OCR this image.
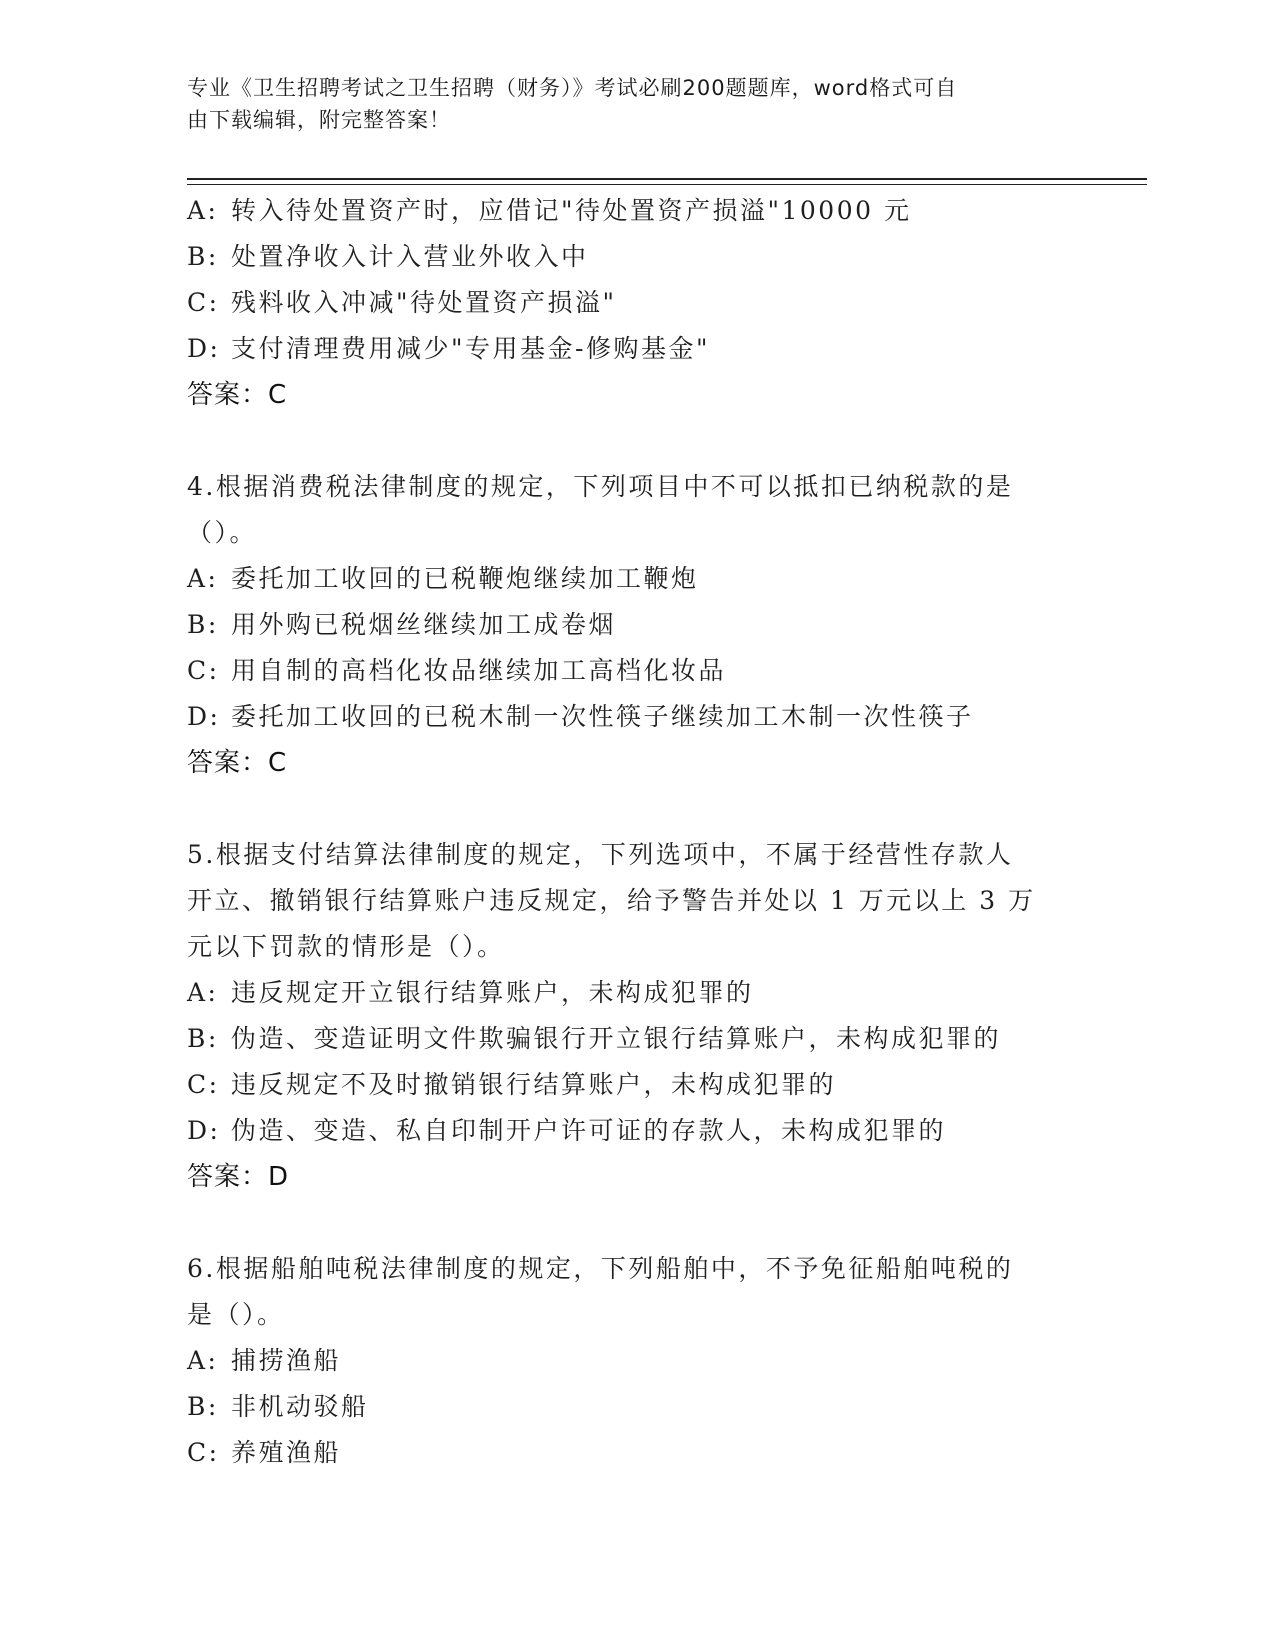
专业《卫生招聘考试之卫生招聘（财务）》考试必刷200题题库，word格式可自
由下载编辑，附完整答案！
A: 转入待处置资产时，应借记"待处置资产损溢"10000 元
B: 处置净收入计入营业外收入中
C: 残料收入冲减"待处置资产损溢"
D: 支付清理费用减少"专用基金-修购基金"
答案：C
4.根据消费税法律制度的规定，下列项目中不可以抵扣已纳税款的是
（）。
A: 委托加工收回的已税鞭炮继续加工鞭炮
B: 用外购已税烟丝继续加工成卷烟
C: 用自制的高档化妆品继续加工高档化妆品
D: 委托加工收回的已税木制一次性筷子继续加工木制一次性筷子
答案：C
5.根据支付结算法律制度的规定，下列选项中，不属于经营性存款人
开立、撤销银行结算账户违反规定，给予警告并处以 1 万元以上 3 万
元以下罚款的情形是（）。
A: 违反规定开立银行结算账户，未构成犯罪的
B: 伪造、变造证明文件欺骗银行开立银行结算账户，未构成犯罪的
C: 违反规定不及时撤销银行结算账户，未构成犯罪的
D: 伪造、变造、私自印制开户许可证的存款人，未构成犯罪的
答案：D
6.根据船舶吨税法律制度的规定，下列船舶中，不予免征船舶吨税的
是（）。
A: 捕捞渔船
B: 非机动驳船
C: 养殖渔船
